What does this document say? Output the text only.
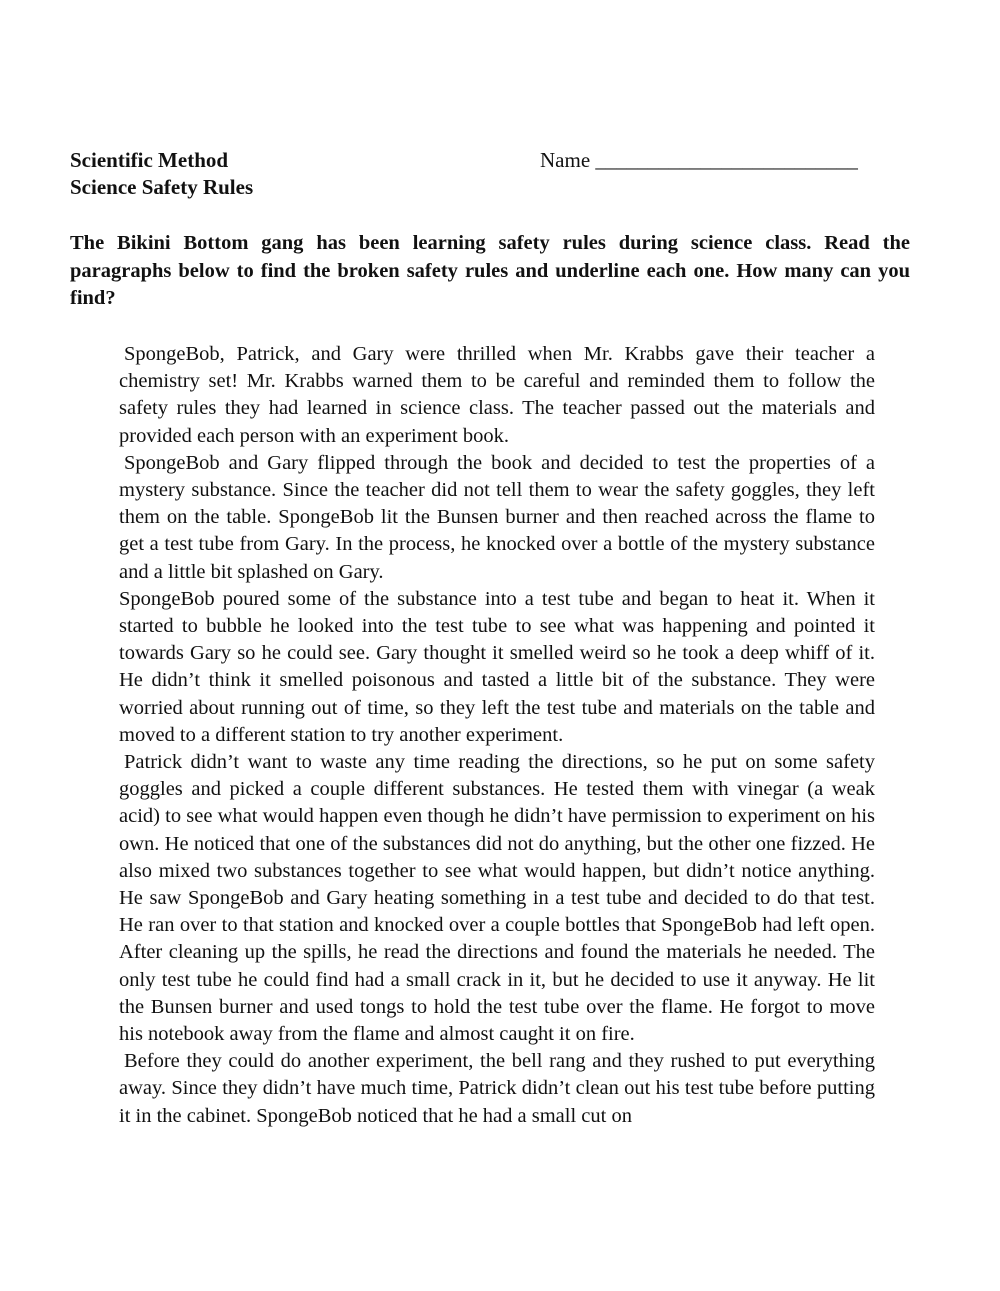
Scientific Method
Science Safety Rules
Name _________________________
The Bikini Bottom gang has been learning safety rules during science class. Read the paragraphs below to find the broken safety rules and underline each one. How many can you find?

SpongeBob, Patrick, and Gary were thrilled when Mr. Krabbs gave their teacher a chemistry set! Mr. Krabbs warned them to be careful and reminded them to follow the safety rules they had learned in science class. The teacher passed out the materials and provided each person with an experiment book.

SpongeBob and Gary flipped through the book and decided to test the properties of a mystery substance. Since the teacher did not tell them to wear the safety goggles, they left them on the table. SpongeBob lit the Bunsen burner and then reached across the flame to get a test tube from Gary. In the process, he knocked over a bottle of the mystery substance and a little bit splashed on Gary.

SpongeBob poured some of the substance into a test tube and began to heat it. When it started to bubble he looked into the test tube to see what was happening and pointed it towards Gary so he could see. Gary thought it smelled weird so he took a deep whiff of it. He didn’t think it smelled poisonous and tasted a little bit of the substance. They were worried about running out of time, so they left the test tube and materials on the table and moved to a different station to try another experiment.

Patrick didn’t want to waste any time reading the directions, so he put on some safety goggles and picked a couple different substances. He tested them with vinegar (a weak acid) to see what would happen even though he didn’t have permission to experiment on his own. He noticed that one of the substances did not do anything, but the other one fizzed. He also mixed two substances together to see what would happen, but didn’t notice anything. He saw SpongeBob and Gary heating something in a test tube and decided to do that test. He ran over to that station and knocked over a couple bottles that SpongeBob had left open. After cleaning up the spills, he read the directions and found the materials he needed. The only test tube he could find had a small crack in it, but he decided to use it anyway. He lit the Bunsen burner and used tongs to hold the test tube over the flame. He forgot to move his notebook away from the flame and almost caught it on fire.

Before they could do another experiment, the bell rang and they rushed to put everything away. Since they didn’t have much time, Patrick didn’t clean out his test tube before putting it in the cabinet. SpongeBob noticed that he had a small cut on
